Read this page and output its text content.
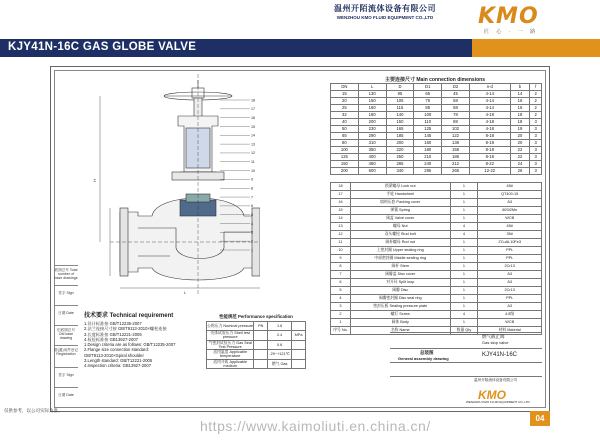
温州开陌流体设备有限公司
WENZHOU KMO FLUID EQUIPMENT CO.,LTD	KMO
匠 心 · 一 路
KJY41N-16C GAS GLOBE VALVE
底图总号 Total number of base drawings
签字 Sign
日期 Date
旧底图总号 Old base drawing
借(通)用件登记 Registration
签字 Sign
日期 Date
H
L
18
17
16
15
14
13
12
11
10
9
8
7
6
5
4
3
2
1
主要连接尺寸 Main connection dimensions
DN	L	D	D1	D2	n-d	b	f
15	130	95	65	45	4-14	14	2
20	150	105	75	58	4-14	16	2
25	160	115	85	68	4-14	16	2
32	180	140	100	78	4-18	18	2
40	200	150	110	88	4-18	18	3
50	230	165	125	102	4-18	19	3
65	290	185	145	122	8-18	20	3
80	310	200	160	138	8-18	20	3
100	350	220	180	158	8-18	22	3
125	400	250	210	188	8-18	22	3
150	480	285	240	212	8-22	24	3
200	600	340	295	268	12-22	26	3
18	锁紧螺母 Lock nut	1	45#
17	手轮 Handwheel	1	QT400-15
16	填料压套 Packing cover	1	A3
15	弹簧 Spring	1	60Si2Mn
14	阀盖 Valve cover	1	WCB
13	螺母 Nut	4	45#
12	双头螺栓 Stud bolt	4	35#
11	阀杆螺母 Rod nut	1	ZCuAL10Fe3
10	上密封圈 Upper sealing ring	1	PPL
9	中部密封圈 Middle sealing ring	1	PPL
8	阀杆 Stem	1	2Cr13
7	阀瓣盖 Disc cover	1	A3
6	对开环 Split loop	1	A3
5	阀瓣 Disc	1	2Cr13
4	阀瓣密封圈 Disc seal ring	1	PPL
3	密封压板 Sealing pressure plate	1	A3
2	螺钉 Screw	4	4.8级
1	阀体 Body	1	WCB
序号 No.	名称 Name	数量 Qty	材料 Material
燃气截止阀
Gas stop valve
总装图
General assembly drawing
KJY41N-16C
KMO
温州开陌流体设备有限公司
WENZHOU KMO FLUID EQUIPMENT CO.,LTD
技术要求 Technical requirement
1.设计标准按 GB/T12235-2007
2.法兰连接尺寸按 GB/T9113-2010×螺柱连接
3.长度标准按 GB/T12221-2005
4.检验标准按 GB13927-2007
1.Design criteria are as follows: GB/T12235-2007
2.Flange size connection standard:
GB/T9113-2010×Spiral shoulder
3.Length standard: GB/T12221-2005
4.Inspection criteria: GB13927-2007
性能规范 Performance specification
公称压力 Nominal pressure	PN	1.6	
壳体试验压力 Shell test pressure		2.4	MPa
气密封试验压力 Gas Seal Test Pressure		0.6	
适用温度 Applicable temperature		-29~+121℃	
适用介质 Applicable medium		燃气 Gas	
仅供参考，以公司实际为准。
https://www.kaimoliuti.en.china.cn/	04
